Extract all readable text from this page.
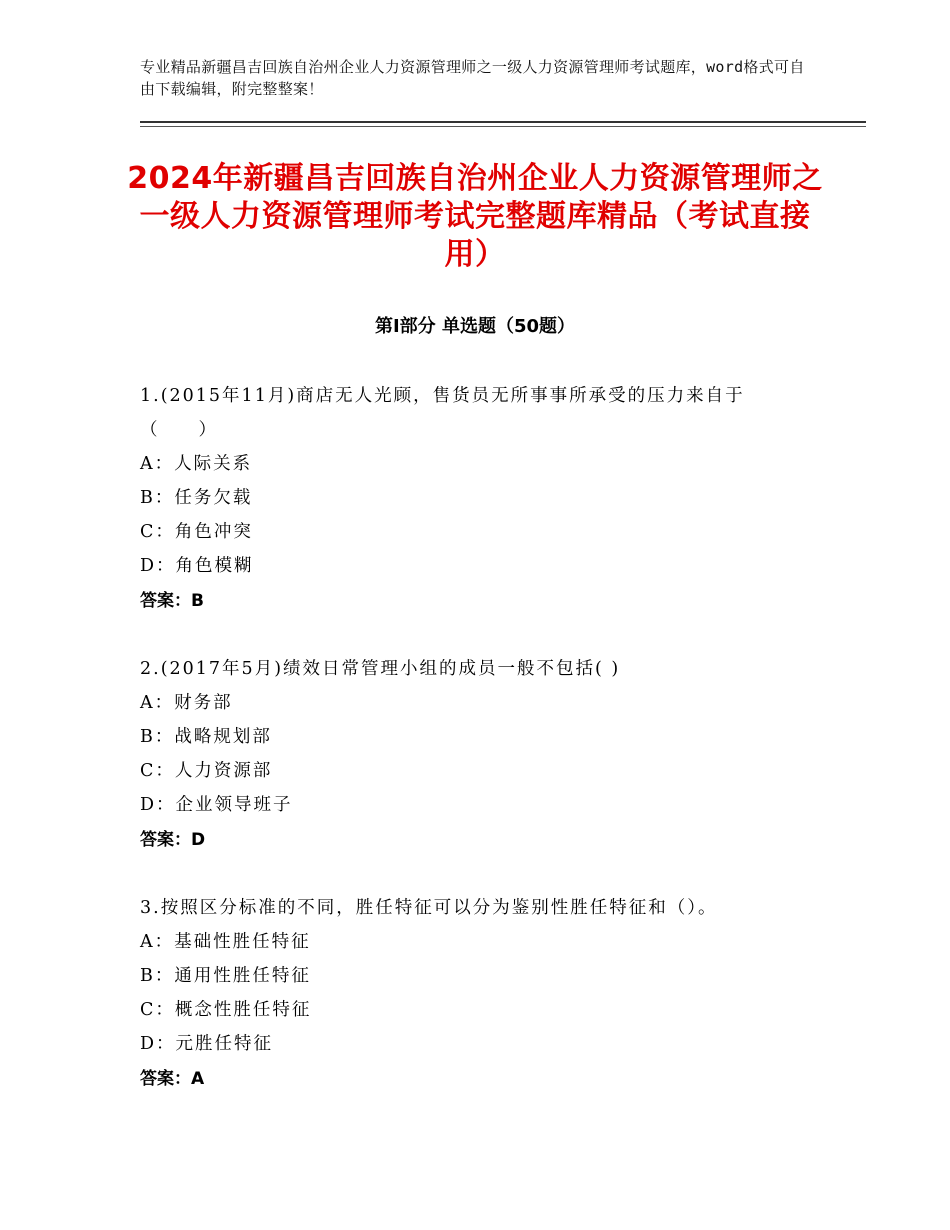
专业精品新疆昌吉回族自治州企业人力资源管理师之一级人力资源管理师考试题库，word格式可自由下载编辑，附完整整案！
2024年新疆昌吉回族自治州企业人力资源管理师之一级人力资源管理师考试完整题库精品（考试直接用）
第Ⅰ部分 单选题（50题）
1.(2015年11月)商店无人光顾，售货员无所事事所承受的压力来自于
（　　）
A：人际关系
B：任务欠载
C：角色冲突
D：角色模糊
答案：B
2.(2017年5月)绩效日常管理小组的成员一般不包括( )
A：财务部
B：战略规划部
C：人力资源部
D：企业领导班子
答案：D
3.按照区分标准的不同，胜任特征可以分为鉴别性胜任特征和（）。
A：基础性胜任特征
B：通用性胜任特征
C：概念性胜任特征
D：元胜任特征
答案：A
